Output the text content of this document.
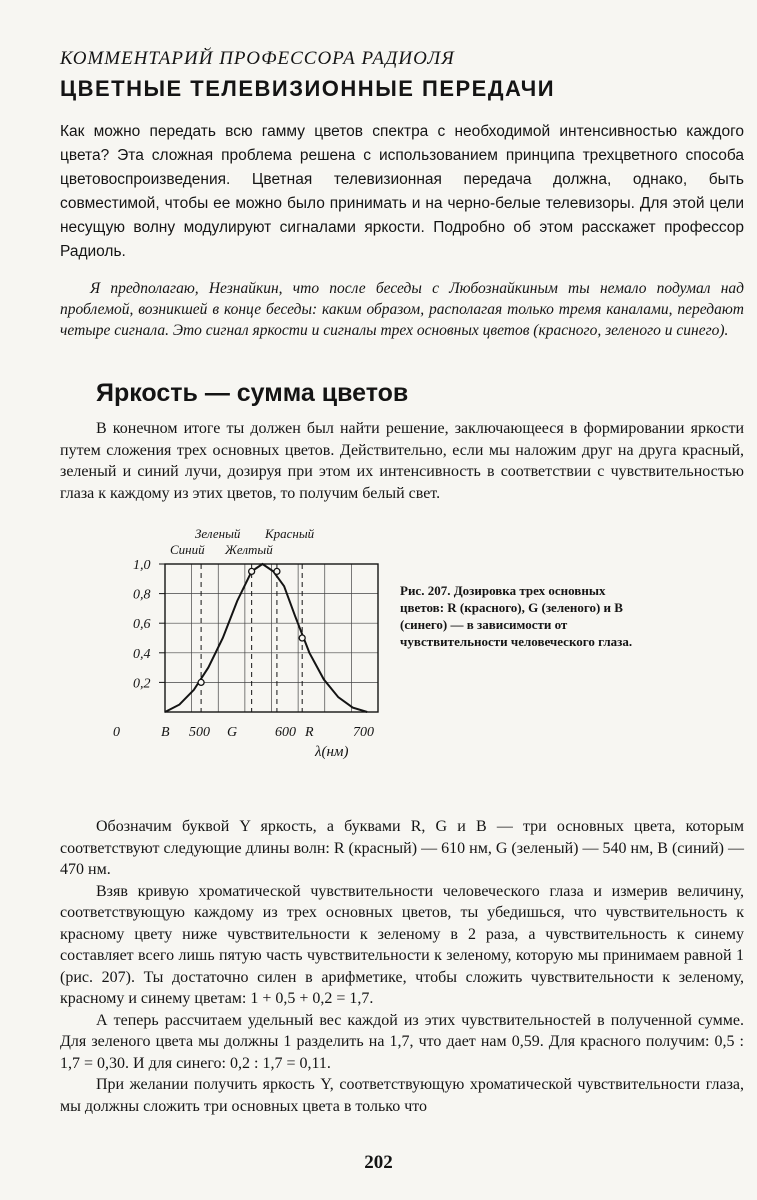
КОММЕНТАРИЙ ПРОФЕССОРА РАДИОЛЯ
ЦВЕТНЫЕ ТЕЛЕВИЗИОННЫЕ ПЕРЕДАЧИ

Как можно передать всю гамму цветов спектра с необходимой интенсивностью каждого цвета? Эта сложная проблема решена с использованием принципа трехцветного способа цветовоспроизведения. Цветная телевизионная передача должна, однако, быть совместимой, чтобы ее можно было принимать и на черно-белые телевизоры. Для этой цели несущую волну модулируют сигналами яркости. Подробно об этом расскажет профессор Радиоль.

Я предполагаю, Незнайкин, что после беседы с Любознайкиным ты немало подумал над проблемой, возникшей в конце беседы: каким образом, располагая только тремя каналами, передают четыре сигнала. Это сигнал яркости и сигналы трех основных цветов (красного, зеленого и синего).

Яркость — сумма цветов

В конечном итоге ты должен был найти решение, заключающееся в формировании яркости путем сложения трех основных цветов. Действительно, если мы наложим друг на друга красный, зеленый и синий лучи, дозируя при этом их интенсивность в соответствии с чувствительностью глаза к каждому из этих цветов, то получим белый свет.

1,0
0,8
0,6
0,4
0,2
0	B 500 G	600 R	700
λ(нм)
Зеленый Красный
Синий Желтый
Рис. 207. Дозировка трех основных цветов: R (красного), G (зеленого) и B (синего) — в зависимости от чувствительности человеческого глаза.

Обозначим буквой Y яркость, а буквами R, G и B — три основных цвета, которым соответствуют следующие длины волн: R (красный) — 610 нм, G (зеленый) — 540 нм, B (синий) — 470 нм.

Взяв кривую хроматической чувствительности человеческого глаза и измерив величину, соответствующую каждому из трех основных цветов, ты убедишься, что чувствительность к красному цвету ниже чувствительности к зеленому в 2 раза, а чувствительность к синему составляет всего лишь пятую часть чувствительности к зеленому, которую мы принимаем равной 1 (рис. 207). Ты достаточно силен в арифметике, чтобы сложить чувствительности к зеленому, красному и синему цветам: 1 + 0,5 + 0,2 = 1,7.

А теперь рассчитаем удельный вес каждой из этих чувствительностей в полученной сумме. Для зеленого цвета мы должны 1 разделить на 1,7, что дает нам 0,59. Для красного получим: 0,5 : 1,7 = 0,30. И для синего: 0,2 : 1,7 = 0,11.

При желании получить яркость Y, соответствующую хроматической чувствительности глаза, мы должны сложить три основных цвета в только что

202
